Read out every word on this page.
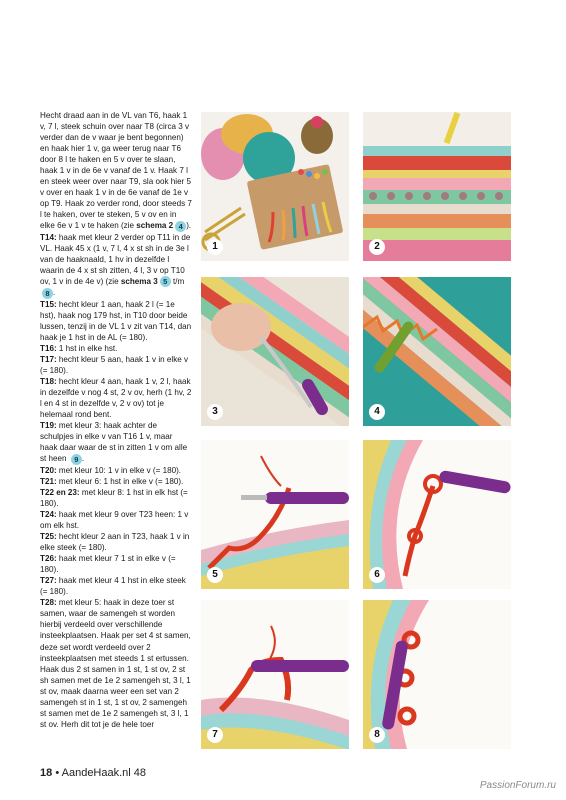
Hecht draad aan in de VL van T6, haak 1 v, 7 l, steek schuin over naar T8 (circa 3 v verder dan de v waar je bent begonnen) en haak hier 1 v, ga weer terug naar T6 door 8 l te haken en 5 v over te slaan, haak 1 v in de 6e v vanaf de 1 v. Haak 7 l en steek weer over naar T9, sla ook hier 5 v over en haak 1 v in de 6e vanaf de 1e v op T9. Haak zo verder rond, door steeds 7 l te haken, over te steken, 5 v ov en in elke 6e v 1 v te haken (zie schema 2 4 ).

T14: haak met kleur 2 verder op T11 in de VL. Haak 45 x (1 v, 7 l, 4 x st sh in de 3e l van de haaknaald, 1 hv in dezelfde l waarin de 4 x st sh zitten, 4 l, 3 v op T10 ov, 1 v in de 4e v) (zie schema 3 5 t/m8 .

T15: hecht kleur 1 aan, haak 2 l (= 1e hst), haak nog 179 hst, in T10 door beide lussen, tenzij in de VL 1 v zit van T14, dan haak je 1 hst in de AL (= 180).

T16: 1 hst in elke hst.

T17: hecht kleur 5 aan, haak 1 v in elke v (= 180).

T18: hecht kleur 4 aan, haak 1 v, 2 l, haak in dezelfde v nog 4 st, 2 v ov, herh (1 hv, 2 l en 4 st in dezelfde v, 2 v ov) tot je helemaal rond bent.

T19: met kleur 3: haak achter de schulpjes in elke v van T16 1 v, maar haak daar waar de st in zitten 1 v om alle st heen 9 .

T20: met kleur 10: 1 v in elke v (= 180).

T21: met kleur 6: 1 hst in elke v (= 180).

T22 en 23: met kleur 8: 1 hst in elk hst (= 180).

T24: haak met kleur 9 over T23 heen: 1 v om elk hst.

T25: hecht kleur 2 aan in T23, haak 1 v in elke steek (= 180).

T26: haak met kleur 7 1 st in elke v (= 180).

T27: haak met kleur 4 1 hst in elke steek (= 180).

T28: met kleur 5: haak in deze toer st samen, waar de samengeh st worden hierbij verdeeld over verschillende insteekplaatsen. Haak per set 4 st samen, deze set wordt verdeeld over 2 insteekplaatsen met steeds 1 st ertussen. Haak dus 2 st samen in 1 st, 1 st ov, 2 st sh samen met de 1e 2 samengeh st, 3 l, 1 st ov, maak daarna weer een set van 2 samengeh st in 1 st, 1 st ov, 2 samengeh st samen met de 1e 2 samengeh st, 3 l, 1 st ov. Herh dit tot je de hele toer

1	2
3	4
5	6
7	8
18 • AandeHaak.nl 48
PassionForum.ru
